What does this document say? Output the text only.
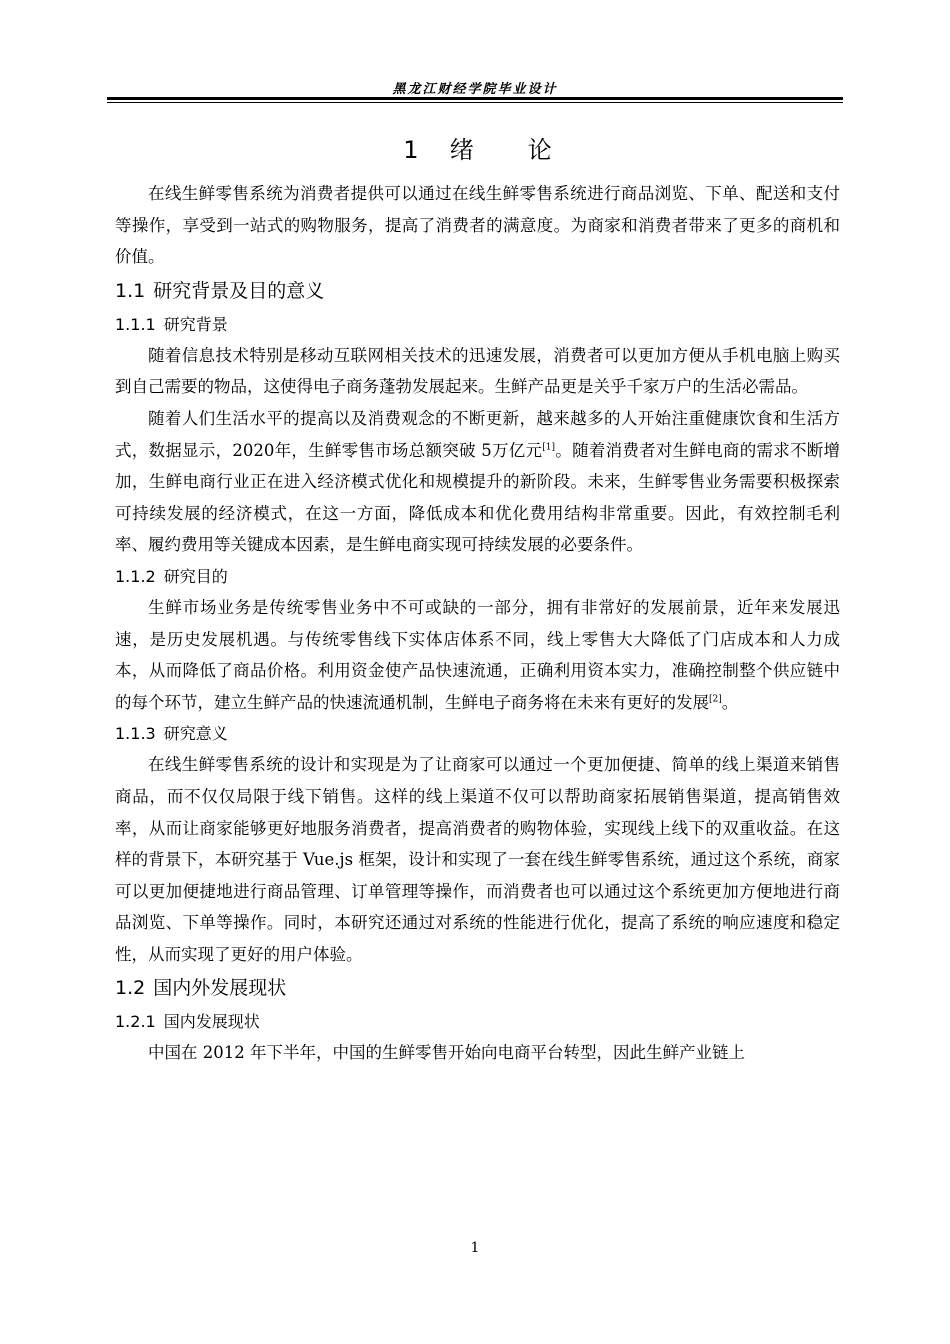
黑龙江财经学院毕业设计
1 绪 论

在线生鲜零售系统为消费者提供可以通过在线生鲜零售系统进行商品浏览、下单、配送和支付等操作，享受到一站式的购物服务，提高了消费者的满意度。为商家和消费者带来了更多的商机和价值。

1.1 研究背景及目的意义
1.1.1 研究背景

随着信息技术特别是移动互联网相关技术的迅速发展，消费者可以更加方便从手机电脑上购买到自己需要的物品，这使得电子商务蓬勃发展起来。生鲜产品更是关乎千家万户的生活必需品。

随着人们生活水平的提高以及消费观念的不断更新，越来越多的人开始注重健康饮食和生活方式，数据显示，2020年，生鲜零售市场总额突破 5万亿元[1]。随着消费者对生鲜电商的需求不断增加，生鲜电商行业正在进入经济模式优化和规模提升的新阶段。未来，生鲜零售业务需要积极探索可持续发展的经济模式，在这一方面，降低成本和优化费用结构非常重要。因此，有效控制毛利率、履约费用等关键成本因素，是生鲜电商实现可持续发展的必要条件。

1.1.2 研究目的

生鲜市场业务是传统零售业务中不可或缺的一部分，拥有非常好的发展前景，近年来发展迅速，是历史发展机遇。与传统零售线下实体店体系不同，线上零售大大降低了门店成本和人力成本，从而降低了商品价格。利用资金使产品快速流通，正确利用资本实力，准确控制整个供应链中的每个环节，建立生鲜产品的快速流通机制，生鲜电子商务将在未来有更好的发展[2]。

1.1.3 研究意义

在线生鲜零售系统的设计和实现是为了让商家可以通过一个更加便捷、简单的线上渠道来销售商品，而不仅仅局限于线下销售。这样的线上渠道不仅可以帮助商家拓展销售渠道，提高销售效率，从而让商家能够更好地服务消费者，提高消费者的购物体验，实现线上线下的双重收益。在这样的背景下，本研究基于 Vue.js 框架，设计和实现了一套在线生鲜零售系统，通过这个系统，商家可以更加便捷地进行商品管理、订单管理等操作，而消费者也可以通过这个系统更加方便地进行商品浏览、下单等操作。同时，本研究还通过对系统的性能进行优化，提高了系统的响应速度和稳定性，从而实现了更好的用户体验。

1.2 国内外发展现状
1.2.1 国内发展现状

中国在 2012 年下半年，中国的生鲜零售开始向电商平台转型，因此生鲜产业链上

1
